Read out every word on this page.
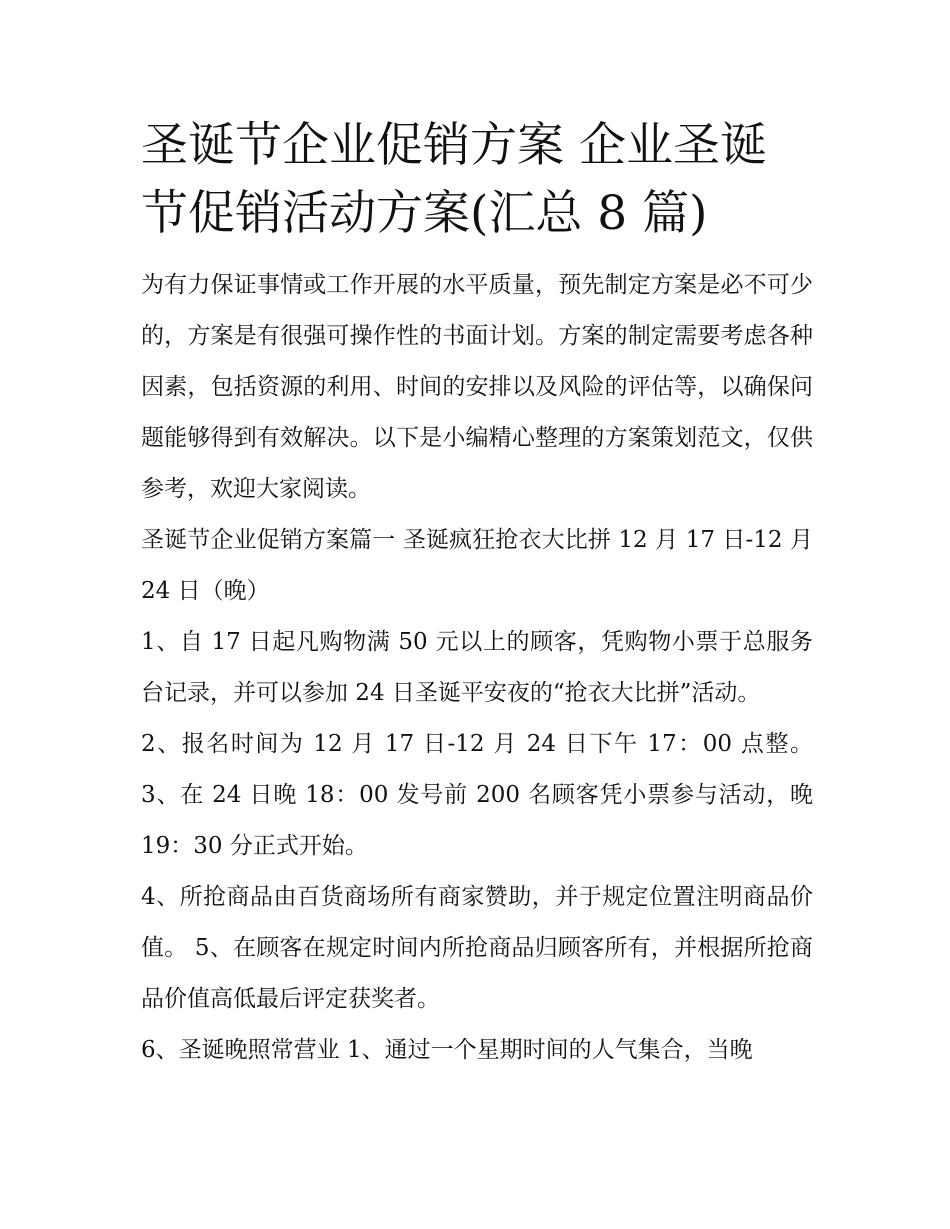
圣诞节企业促销方案 企业圣诞节促销活动方案(汇总 8 篇)

为有力保证事情或工作开展的水平质量，预先制定方案是必不可少的，方案是有很强可操作性的书面计划。方案的制定需要考虑各种因素，包括资源的利用、时间的安排以及风险的评估等，以确保问题能够得到有效解决。以下是小编精心整理的方案策划范文，仅供参考，欢迎大家阅读。

圣诞节企业促销方案篇一 圣诞疯狂抢衣大比拼 12 月 17 日-12 月 24 日（晚）

1、自 17 日起凡购物满 50 元以上的顾客，凭购物小票于总服务台记录，并可以参加 24 日圣诞平安夜的“抢衣大比拼”活动。

2、报名时间为 12 月 17 日-12 月 24 日下午 17：00 点整。 3、在 24 日晚 18：00 发号前 200 名顾客凭小票参与活动，晚 19：30 分正式开始。

4、所抢商品由百货商场所有商家赞助，并于规定位置注明商品价值。 5、在顾客在规定时间内所抢商品归顾客所有，并根据所抢商品价值高低最后评定获奖者。

6、圣诞晚照常营业 1、通过一个星期时间的人气集合，当晚
